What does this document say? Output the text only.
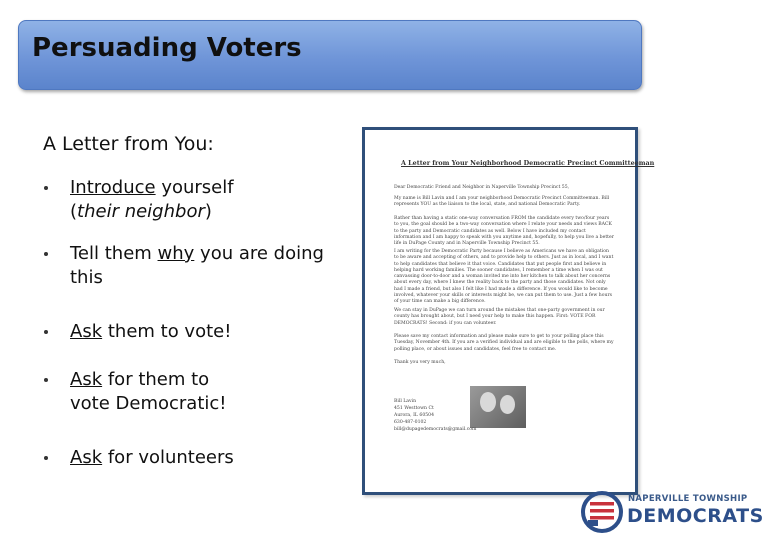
Persuading Voters
A Letter from You:
Introduce yourself
(their neighbor)
Tell them why you are doing this
Ask them to vote!
Ask for them to vote Democratic!
Ask for volunteers
A Letter from Your Neighborhood Democratic Precinct Committeeman
Dear Democratic Friend and Neighbor in Naperville Township Precinct 55,
My name is Bill Lavin and I am your neighborhood Democratic Precinct Committeeman. Bill represents YOU as the liaison to the local, state, and national Democratic Party.
Rather than having a static one-way conversation FROM the candidate every two/four years to you, the goal should be a two-way conversation where I relate your needs and views BACK to the party and Democratic candidates as well. Below I have included my contact information and I am happy to speak with you anytime and, hopefully, to help you live a better life in DuPage County and in Naperville Township Precinct 55.
I am writing for the Democratic Party because I believe as Americans we have an obligation to be aware and accepting of others, and to provide help to others. Just as in local, and I want to help candidates that believe it that voice. Candidates that put people first and believe in helping hard working families. The sooner candidates, I remember a time when I was out canvassing door-to-door and a woman invited me into her kitchen to talk about her concerns about every day, where I knew the reality back to the party and those candidates. Not only had I made a friend, but also I felt like I had made a difference. If you would like to become involved, whatever your skills or interests might be, we can put them to use. Just a few hours of your time can make a big difference.
We can stay in DuPage we can turn around the mistakes that one-party government in our county has brought about, but I need your help to make this happen. First: VOTE FOR DEMOCRATS! Second: if you can volunteer.
Please save my contact information and please make sure to get to your polling place this Tuesday, November 4th. If you are a verified individual and are eligible to the polls, where my polling place, or about issues and candidates, feel free to contact me.
Thank you very much,
Bill Lavin
451 Westtown Ct
Aurora, IL 60504
630-487-0102
bill@dupagedemocrats@gmail.com
NAPERVILLE TOWNSHIP
DEMOCRATS
